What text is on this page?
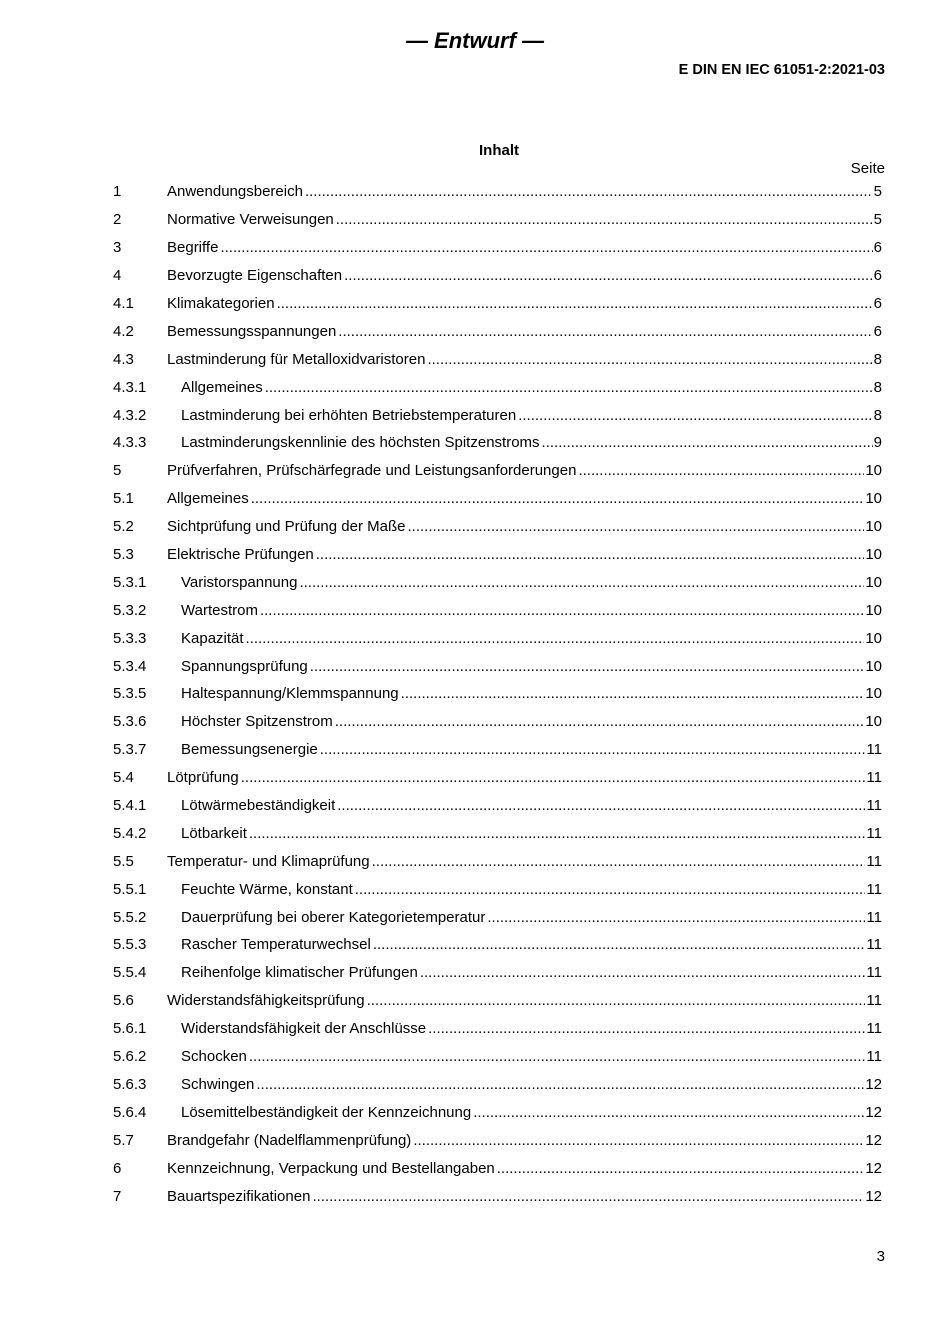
— Entwurf —
E DIN EN IEC 61051-2:2021-03
Inhalt
Seite
1	Anwendungsbereich .....	5
2	Normative Verweisungen .....	5
3	Begriffe .....	6
4	Bevorzugte Eigenschaften .....	6
4.1	Klimakategorien .....	6
4.2	Bemessungsspannungen .....	6
4.3	Lastminderung für Metalloxidvaristoren .....	8
4.3.1	Allgemeines .....	8
4.3.2	Lastminderung bei erhöhten Betriebstemperaturen .....	8
4.3.3	Lastminderungskennlinie des höchsten Spitzenstroms .....	9
5	Prüfverfahren, Prüfschärfegrade und Leistungsanforderungen .....	10
5.1	Allgemeines .....	10
5.2	Sichtprüfung und Prüfung der Maße .....	10
5.3	Elektrische Prüfungen .....	10
5.3.1	Varistorspannung .....	10
5.3.2	Wartestrom .....	10
5.3.3	Kapazität .....	10
5.3.4	Spannungsprüfung .....	10
5.3.5	Haltespannung/Klemmspannung .....	10
5.3.6	Höchster Spitzenstrom .....	10
5.3.7	Bemessungsenergie .....	11
5.4	Lötprüfung .....	11
5.4.1	Lötwärmebeständigkeit .....	11
5.4.2	Lötbarkeit .....	11
5.5	Temperatur- und Klimaprüfung .....	11
5.5.1	Feuchte Wärme, konstant .....	11
5.5.2	Dauerprüfung bei oberer Kategorietemperatur .....	11
5.5.3	Rascher Temperaturwechsel .....	11
5.5.4	Reihenfolge klimatischer Prüfungen .....	11
5.6	Widerstandsfähigkeitsprüfung .....	11
5.6.1	Widerstandsfähigkeit der Anschlüsse .....	11
5.6.2	Schocken .....	11
5.6.3	Schwingen .....	12
5.6.4	Lösemittelbeständigkeit der Kennzeichnung .....	12
5.7	Brandgefahr (Nadelflammenprüfung) .....	12
6	Kennzeichnung, Verpackung und Bestellangaben .....	12
7	Bauartspezifikationen .....	12
3
